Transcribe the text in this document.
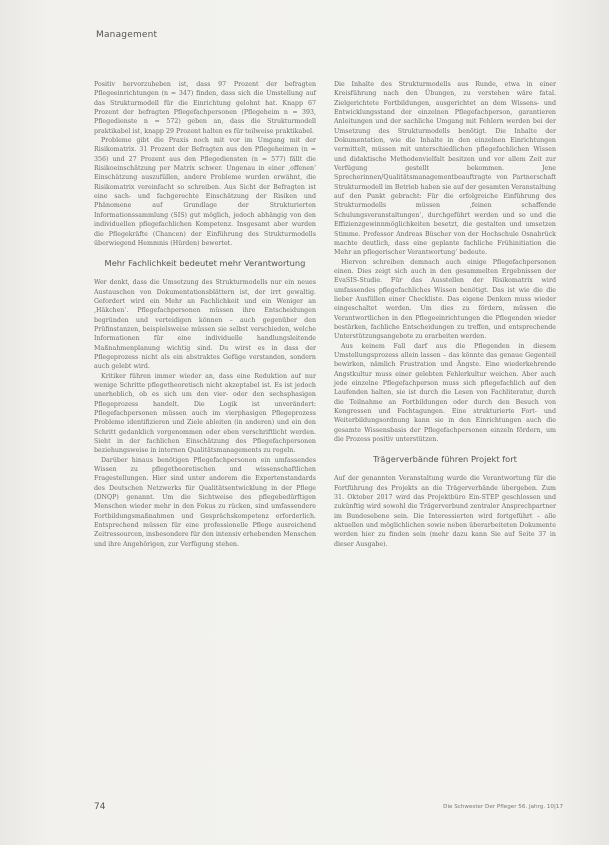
Management

Positiv hervorzuheben ist, dass 97 Prozent der befragten Pflegeeinrichtungen (n = 347) finden, dass sich die Umstellung auf das Strukturmodell für die Einrichtung gelohnt hat. Knapp 67 Prozent der befragten Pflegefachpersonen (Pflegeheim n = 393, Pflegedienste n = 572) geben an, dass die Strukturmodell praktikabel ist, knapp 29 Prozent halten es für teilweise praktikabel.

Probleme gibt die Praxis noch mit vor im Umgang mit der Risikomatrix. 31 Prozent der Befragten aus den Pflegeheimen (n = 356) und 27 Prozent aus den Pflegediensten (n = 577) fällt die Risikoeinschätzung per Matrix schwer. Ungenau in einer ‚offenen‘ Einschätzung auszufüllen, andere Probleme wurden erwähnt, die Risikomatrix vereinfacht so schreiben. Aus Sicht der Befragten ist eine sach- und fachgerechte Einschätzung der Risiken und Phänomene auf Grundlage der Strukturierten Informationssammlung (SIS) gut möglich, jedoch abhängig von den individuellen pflegefachlichen Kompetenz. Insgesamt aber wurden die Pflegekräfte (Chancen) der Einführung des Strukturmodells überwiegend Hemmnis (Hürden) bewertet.

Mehr Fachlichkeit bedeutet mehr Verantwortung

Wer denkt, dass die Umsetzung des Strukturmodells nur ein neues Austauschen von Dokumentationsblättern ist, der irrt gewaltig. Gefordert wird ein Mehr an Fachlichkeit und ein Weniger an ‚Häkchen‘. Pflegefachpersonen müssen ihre Entscheidungen begründen und verteidigen können – auch gegenüber den Prüfinstanzen, beispielsweise müssen sie selbst verschieden, welche Informationen für eine individuelle handlungsleitende Maßnahmenplanung wichtig sind. Du wirst es in dass der Pflegeprozess nicht als ein abstraktes Gefüge verstanden, sondern auch gelebt wird.

Kritiker führen immer wieder an, dass eine Reduktion auf nur wenige Schritte pflegetheoretisch nicht akzeptabel ist. Es ist jedoch unerheblich, ob es sich um den vier- oder den sechsphasigen Pflegeprozess handelt. Die Logik ist unverändert: Pflegefachpersonen müssen auch im vierphasigen Pflegeprozess Probleme identifizieren und Ziele ableiten (in anderen) und ein den Schritt gedanklich vorgenommen oder eben verschriftlicht werden. Sieht in der fachlichen Einschätzung des Pflegefachpersonen beziehungsweise in internen Qualitätsmanagements zu regeln.

Darüber hinaus benötigen Pflegefachpersonen ein umfassendes Wissen zu pflegetheoretischen und wissenschaftlichen Fragestellungen. Hier sind unter anderem die Expertenstandards des Deutschen Netzwerks für Qualitätsentwicklung in der Pflege (DNQP) genannt. Um die Sichtweise des pflegebedürftigen Menschen wieder mehr in den Fokus zu rücken, sind umfassendere Fortbildungsmaßnahmen und Gesprächskompetenz erforderlich. Entsprechend müssen für eine professionelle Pflege ausreichend Zeitressourcen, insbesondere für den intensiv erhebenden Menschen und ihre Angehörigen, zur Verfügung stehen.

Die Inhalte des Strukturmodells aus Runde, etwa in einer Kreisführung nach den Übungen, zu verstehen wäre fatal. Zielgerichtete Fortbildungen, ausgerichtet an dem Wissens- und Entwicklungsstand der einzelnen Pflegefachperson, garantieren Anleitungen und der sachliche Umgang mit Fehlern werden bei der Umsetzung des Strukturmodells benötigt. Die Inhalte der Dokumentation, wie die Inhalte in den einzelnen Einrichtungen vermittelt, müssen mit unterschiedlichen pflegefachlichen Wissen und didaktische Methodenvielfalt besitzen und vor allem Zeit zur Verfügung gestellt bekommen. Jene Sprecherinnen/Qualitätsmanagementbeauftragte von Partnerschaft Strukturmodell im Betrieb haben sie auf der gesamten Veranstaltung auf den Punkt gebracht: Für die erfolgreiche Einführung des Strukturmodells müssen ‚feinen schaffende Schulungsveranstaltungen‘, durchgeführt werden und so und die Effizienzgewinnmöglichkeiten besetzt, die gestalten und umsetzen Stimme. Professor Andreas Büscher von der Hochschule Osnabrück machte deutlich, dass eine geplante fachliche Frühinitiation die Mehr an pflegerischer Verantwortung‘ bedeute.

Hiervon schreiben demnach auch einige Pflegefachpersonen einen. Dies zeigt sich auch in den gesammelten Ergebnissen der EvaSIS-Studie. Für das Ausstellen der Risikomatrix wird umfassendes pflegefachliches Wissen benötigt. Das ist wie die die lieber Ausfüllen einer Checkliste. Das eigene Denken muss wieder eingeschaltet werden. Um dies zu fördern, müssen die Verantwortlichen in den Pflegeeinrichtungen die Pflegenden wieder bestärken, fachliche Entscheidungen zu treffen, und entsprechende Unterstützungsangebote zu erarbeiten werden.

Aus keinem Fall darf aus die Pflegenden in diesem Umstellungsprozess allein lassen – das könnte das genaue Gegenteil bewirken, nämlich Frustration und Ängste. Eine wiederkehrende Angstkultur muss einer gelebten Fehlerkultur weichen. Aber auch jede einzelne Pflegefachperson muss sich pflegefachlich auf den Laufenden halten, sie ist durch die Lesen von Fachliteratur, durch die Teilnahme an Fortbildungen oder durch den Besuch von Kongressen und Fachtagungen. Eine strukturierte Fort- und Weiterbildungsordnung kann sie in den Einrichtungen auch die gesamte Wissensbasis der Pflegefachpersonen einzeln fördern, um die Prozess positiv unterstützen.

Trägerverbände führen Projekt fort

Auf der genannten Veranstaltung wurde die Verantwortung für die Fortführung des Projekts an die Trägerverbände übergeben. Zum 31. Oktober 2017 wird das Projektbüro Ein-STEP geschlossen und zukünftig wird sowohl die Trägerverbund zentraler Ansprechpartner im Bundesebene sein. Die Interessierten wird fortgeführt – alle aktuellen und möglichlichen sowie neben überarbeiteten Dokumente werden hier zu finden sein (mehr dazu kann Sie auf Seite 37 in dieser Ausgabe).

74	Die Schwester Der Pfleger 56. Jahrg. 10|17
